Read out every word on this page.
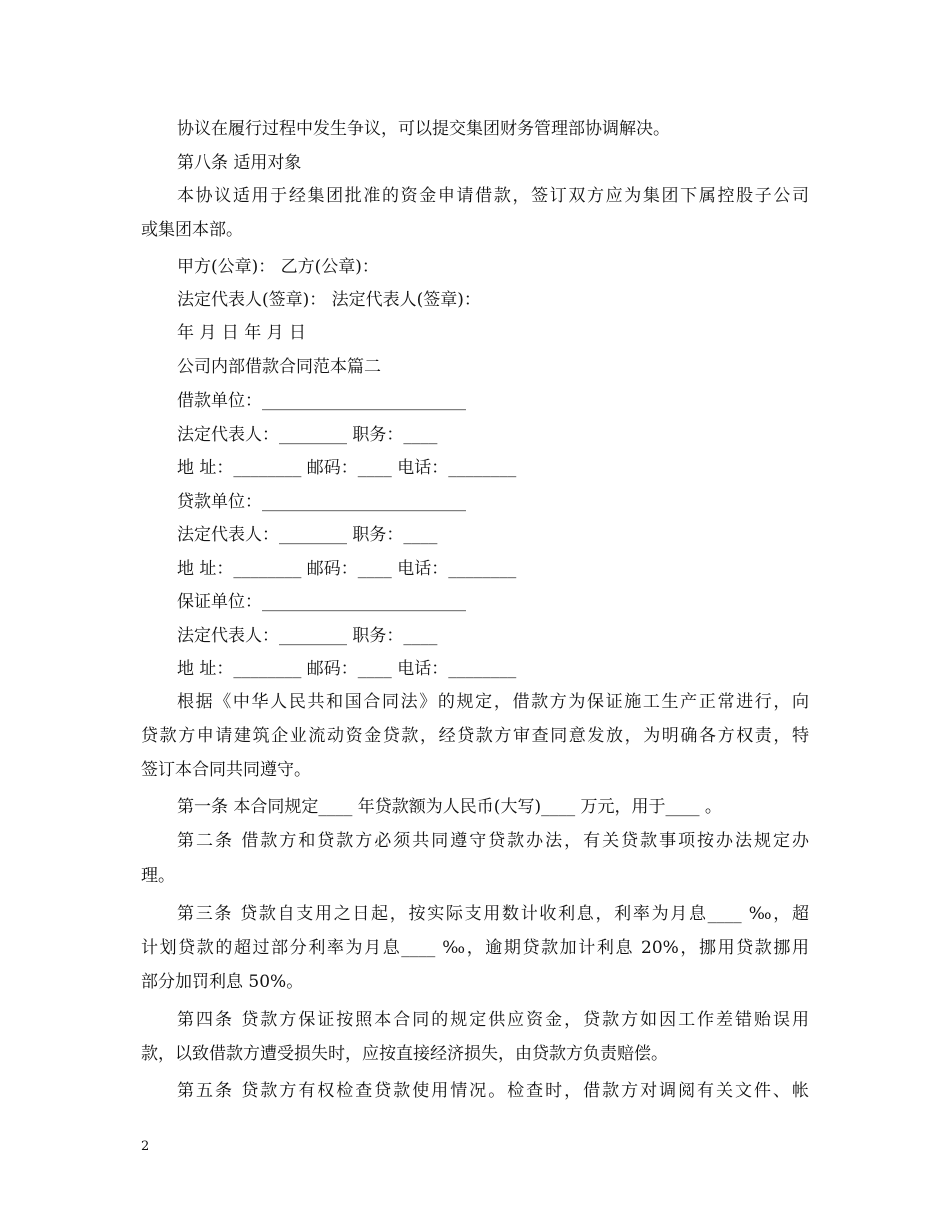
协议在履行过程中发生争议，可以提交集团财务管理部协调解决。
第八条 适用对象
本协议适用于经集团批准的资金申请借款，签订双方应为集团下属控股子公司
或集团本部。
甲方(公章)： 乙方(公章)：
法定代表人(签章)： 法定代表人(签章)：
年 月 日 年 月 日
公司内部借款合同范本篇二
借款单位：________________________
法定代表人：________ 职务：____
地 址：________ 邮码：____ 电话：________
贷款单位：________________________
法定代表人：________ 职务：____
地 址：________ 邮码：____ 电话：________
保证单位：________________________
法定代表人：________ 职务：____
地 址：________ 邮码：____ 电话：________
根据《中华人民共和国合同法》的规定，借款方为保证施工生产正常进行，向
贷款方申请建筑企业流动资金贷款，经贷款方审查同意发放，为明确各方权责，特
签订本合同共同遵守。
第一条 本合同规定____ 年贷款额为人民币(大写)____ 万元，用于____ 。
第二条 借款方和贷款方必须共同遵守贷款办法，有关贷款事项按办法规定办
理。
第三条 贷款自支用之日起，按实际支用数计收利息，利率为月息____ ‰，超
计划贷款的超过部分利率为月息____ ‰，逾期贷款加计利息 20%，挪用贷款挪用
部分加罚利息 50%。
第四条 贷款方保证按照本合同的规定供应资金，贷款方如因工作差错贻误用
款，以致借款方遭受损失时，应按直接经济损失，由贷款方负责赔偿。
第五条 贷款方有权检查贷款使用情况。检查时，借款方对调阅有关文件、帐
2
